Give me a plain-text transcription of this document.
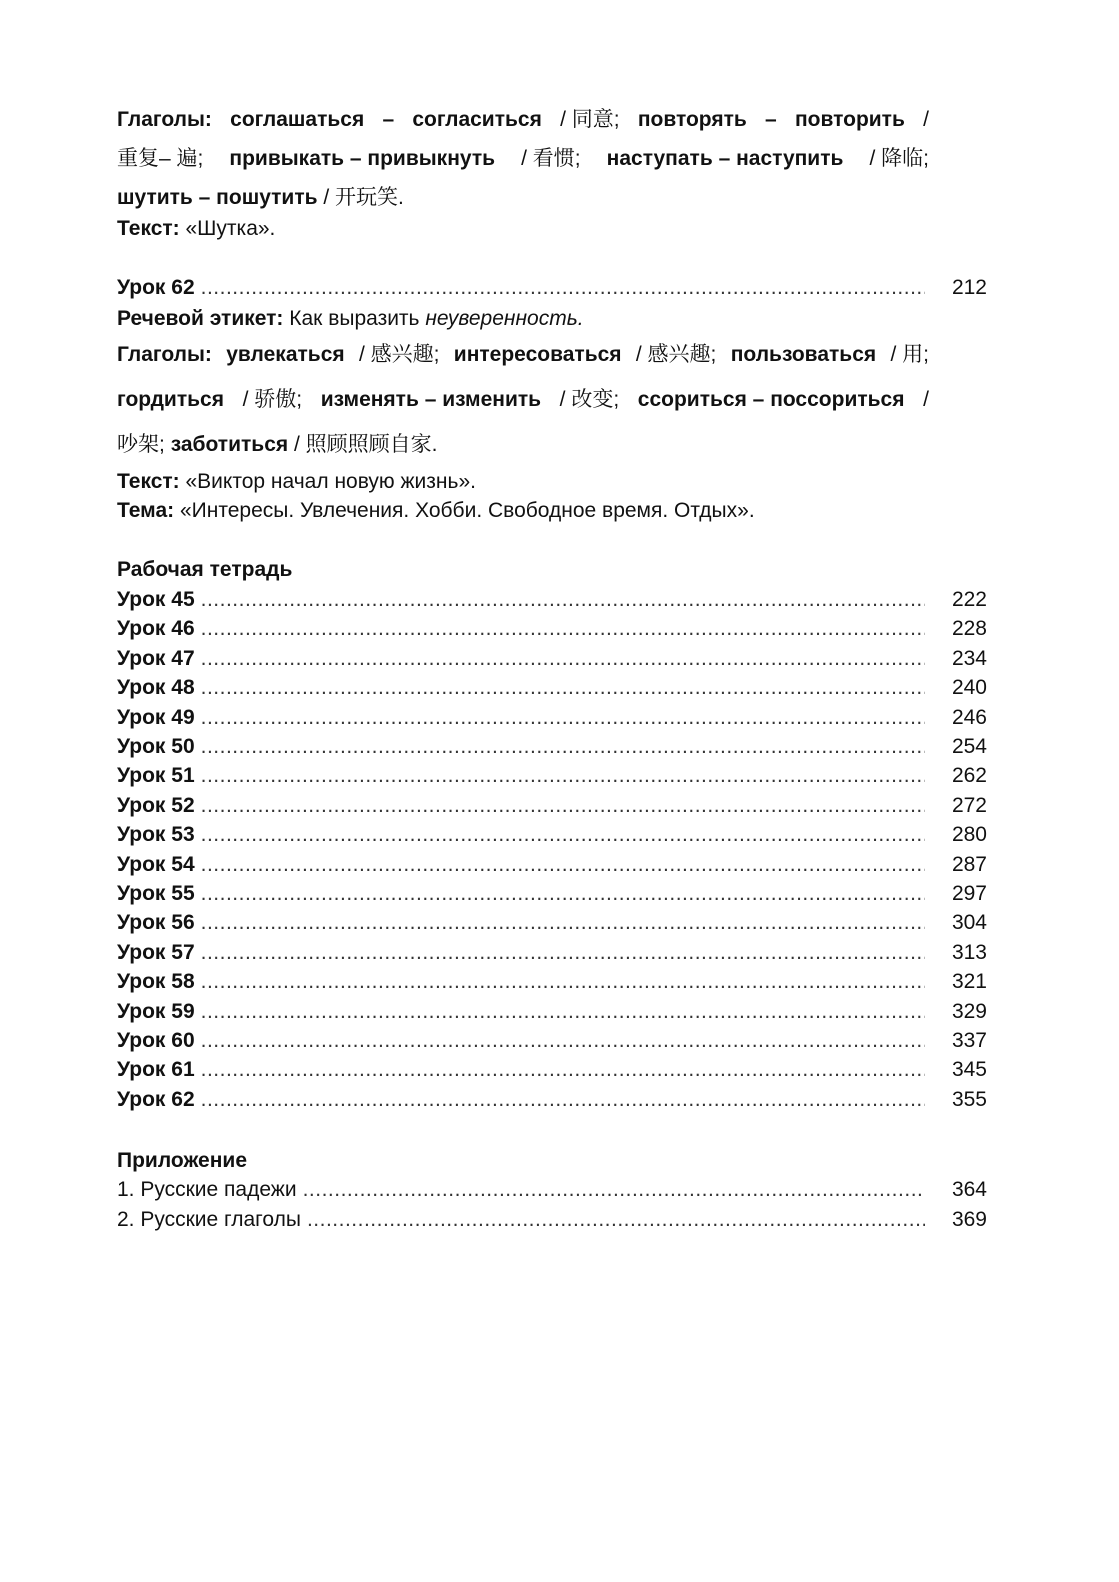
Глаголы: соглашаться – согласиться / 同意; повторять – повторить /
重复– 遍; привыкать – привыкнуть / 看惯; наступать – наступить / 降临;
шутить – пошутить / 开玩笑.
Текст: «Шутка».
Урок 62 .....	212
Речевой этикет: Как выразить неуверенность.
Глаголы: увлекаться / 感兴趣; интересоваться / 感兴趣; пользоваться / 用;
гордиться / 骄傲; изменять – изменить / 改变; ссориться – поссориться /
吵架; заботиться / 照顾照顾自家.
Текст: «Виктор начал новую жизнь».
Тема: «Интересы. Увлечения. Хобби. Свободное время. Отдых».
Рабочая тетрадь
Урок 45 .....	222
Урок 46 .....	228
Урок 47 .....	234
Урок 48 .....	240
Урок 49 .....	246
Урок 50 .....	254
Урок 51 .....	262
Урок 52 .....	272
Урок 53 .....	280
Урок 54 .....	287
Урок 55 .....	297
Урок 56 .....	304
Урок 57 .....	313
Урок 58 .....	321
Урок 59 .....	329
Урок 60 .....	337
Урок 61 .....	345
Урок 62 .....	355
Приложение
1. Русские падежи .....	364
2. Русские глаголы .....	369
